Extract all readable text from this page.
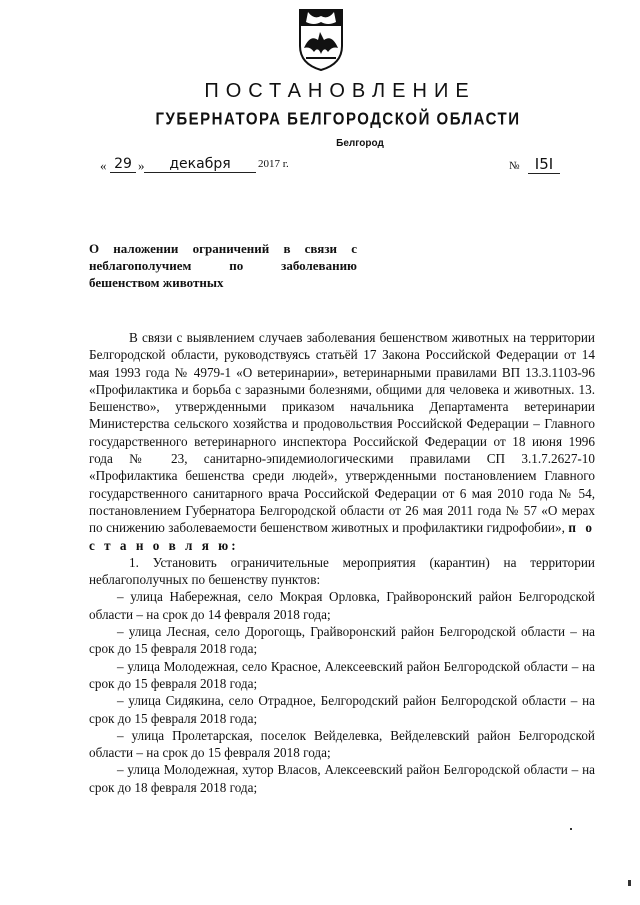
ПОСТАНОВЛЕНИЕ
ГУБЕРНАТОРА БЕЛГОРОДСКОЙ ОБЛАСТИ
Белгород
« 29 »	декабря	2017 г.	№	I5I
О наложении ограничений в связи с
неблагополучием по заболеванию
бешенством животных
В связи с выявлением случаев заболевания бешенством животных на территории Белгородской области, руководствуясь статьёй 17 Закона Российской Федерации от 14 мая 1993 года № 4979-1 «О ветеринарии», ветеринарными правилами ВП 13.3.1103-96 «Профилактика и борьба с заразными болезнями, общими для человека и животных. 13. Бешенство», утвержденными приказом начальника Департамента ветеринарии Министерства сельского хозяйства и продовольствия Российской Федерации – Главного государственного ветеринарного инспектора Российской Федерации от 18 июня 1996 года № 23, санитарно-эпидемиологическими правилами СП 3.1.7.2627-10 «Профилактика бешенства среди людей», утвержденными постановлением Главного государственного санитарного врача Российской Федерации от 6 мая 2010 года № 54, постановлением Губернатора Белгородской области от 26 мая 2011 года № 57 «О мерах по снижению заболеваемости бешенством животных и профилактики гидрофобии», п о с т а н о в л я ю:
1. Установить ограничительные мероприятия (карантин) на территории неблагополучных по бешенству пунктов:
– улица Набережная, село Мокрая Орловка, Грайворонский район Белгородской области – на срок до 14 февраля 2018 года;
– улица Лесная, село Дорогощь, Грайворонский район Белгородской области – на срок до 15 февраля 2018 года;
– улица Молодежная, село Красное, Алексеевский район Белгородской области – на срок до 15 февраля 2018 года;
– улица Сидякина, село Отрадное, Белгородский район Белгородской области – на срок до 15 февраля 2018 года;
– улица Пролетарская, поселок Вейделевка, Вейделевский район Белгородской области – на срок до 15 февраля 2018 года;
– улица Молодежная, хутор Власов, Алексеевский район Белгородской области – на срок до 18 февраля 2018 года;
